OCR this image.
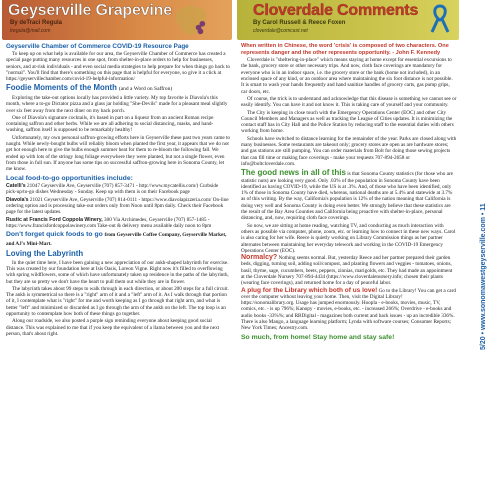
Geyserville Grapevine
By deTraci Regula
tregula@mail.com
Geyserville Chamber of Commerce COVID-19 Resource Page

To keep up on what help is available for our area, the Geyserville Chamber of Commerce has created a special page putting many resources in one spot, from shelter-in-place orders to help for businesses, seniors, and at-risk individuals - and even social media strategies to help prepare for when things go back to "normal". You'll find that there's something on this page that is helpful for everyone, so give it a click at https://geyservillechamber.com/covid-19-helpful-information/

Foodie Moments of the Month (and a Word on Saffron)

Exploring the take-out options locally has provided a little variety. My top favorite is Diavola's this month, where a to-go Dictator pizza and a glass jar holding "She-Devils" made for a pleasant meal slightly over six feet away from the next diner on my back porch.

One of Diavola's signature cocktails, it's based in part on a liqueur from an ancient Roman recipe containing saffron and other herbs. While we are all adhering to social distancing, masks, and hand-washing, saffron itself is supposed to be remarkably healthy!

Unfortunately, my own personal saffron-growing efforts here in Geyserville these past two years came to naught. While newly-bought bulbs will reliably bloom when planted the first year, it appears that we do not get hot enough here to give the bulbs enough summer heat for them to re-bloom the following fall. We ended up with lots of the stringy long foliage everywhere they were planted, but not a single flower, even from those in full sun. If anyone has some tips on successful saffron-growing here in Sonoma County, let me know.

Local food-to-go opportunities include:

Catelli's 21047 Geyserville Ave, Geyserville (707) 857-3471 - http://www.mycatellis.com/) Curbside pick-up/to-go dishes Wednesday - Sunday. Keep up with them is on their Facebook page

Diavola's 21021 Geyserville Ave, Geyserville (707) 814-0111 - https://www.diavolapizzeria.com/ On-line ordering option and is processing take-out orders only from Noon until 8pm daily. Check their Facebook page for the latest updates.

Rustic at Francis Ford Coppola Winery, 300 Via Archimedes, Geyserville (707) 857-1485 - https://www.francisfordcoppolawinery.com Take-out & delivery menu available daily noon to 8pm

Don't forget quick foods to go from Geyserville Coffee Company, Geyserville Market, and AJ's Mini-Mart.
Loving the Labyrinth

In the quiet time here, I have been gaining a new appreciation of our ankh-shaped labyrinth for exercise. This was created by our foundation here at Isis Oasis, Loreon Vigne. Right now it's filled to overflowing with spring wildflowers, some of which have unfortunately taken up residence in the paths of the labyrinth, but they are so pretty we don't have the heart to pull them out while they are in flower.

The labyrinth takes about 99 steps to walk through in each direction, or about 200 steps for a full circuit. The ankh is symmetrical so there is a "right" arm of it and a "left" arm of it. As I walk through that portion of it, I contemplate what is "right" for me and worth keeping as I go through that right arm, and what is better "left" and minimized or discarded as I go through the arm of the ankh on the left. The top loop is an opportunity to contemplate how both of these things go together.

Along our roadside, we also posted a purple sign reminding everyone about keeping good social distance. This was explained to me that if you keep the equivalent of a llama between you and the next person, that's about right.

Cloverdale Comments
By Carol Russell & Reece Foxen
cloverdale@comcast.net
When written in Chinese, the word 'crisis' is composed of two characters. One represents danger and the other represents opportunity. - John F. Kennedy

Cloverdale is "sheltering-in-place" which means staying at home except for essential excursions to the bank, grocery store or other necessary trips. And now, cloth face coverings are mandatory for everyone who is in an indoor space, i.e. the grocery store or the bank (home not included), in an enclosed space of any kind, or an outdoor area where maintaining the six foot distance is not possible. It is smart to wash your hands frequently and hand sanitize handles of grocery carts, gas pump grips, car doors, etc.

Of course, the trick is to understand and acknowledge that this disease is something we cannot see or easily identify. You can have it and not know it. This is taking care of yourself and your community.

The City is keeping in close touch with the Emergency Operations Center (EOC) and other City Council Members and Managers as well as tracking the League of Cities updates. It is minimizing the contact staff has in City Hall and the Police Station by reducing staff to the essential duties with others working from home.

Schools have switched to distance learning for the remainder of the year. Parks are closed along with many businesses. Some restaurants are takeout only; grocery stores are open as are hardware stores; and gas stations are still pumping. You can order materials from Bolt for doing those sewing projects that can fill time or making face coverings - make your requests 707-894-2658 or info@boltcloverdale.com.

The good news in all of this is that Sonoma County statistics (for those who are statistic nuts) are looking very good. Only .03% of the population in Sonoma County have been identified as having COVID-19, while the US is at .3%. And, of those who have been identified, only 1% of those in Sonoma County have died, whereas, national deaths are at 5.4% and statewide at 3.7% as of this writing. By the way, California's population is 12% of the nation meaning that California is doing very well and Sonoma County is doing even better. We strongly believe that these statistics are the result of the Bay Area Counties and California being proactive with shelter-in-place, personal distancing, and, now, requiring cloth face coverings.

So now, we are sitting at home reading, watching TV, and conducting as much interaction with others as possible via computer, phone, zoom, etc. or learning how to connect in these new ways. Carol is also caring for her wife. Reece is quietly working on Library Commission things as her partner alternates between maintaining her everyday telework and working in the COVID-19 Emergency Operations Center (EOC).

Normalcy? Nothing seems normal. But, yesterday Reece and her partner prepared their garden beds, digging, turning soil, adding soil/compost, and planting flowers and veggies - tomatoes, onions, basil, thyme, sage, cucumbers, beets, peppers, zinnias, marigolds, etc. They had made an appointment at the Cloverdale Nursery 707-894-4434 (https://www.cloverdalenursery.info; chosen their plants (wearing face coverings), and returned home for a day of peaceful labor.

A plug for the Library which both of us love! Go to the Library! You can get a card over the computer without leaving your home. Then, visit the Digital Library! https://sonomalibrary.org. Usage has jumped enormously. Hoopla - e-books, movies, music, TV, comics, etc. - is up 796%; Kanopy - movies, e-books, etc. - increased 266%; Overdrive - e-books and audio books -33%%; and RBDigital - magazines both current and back issues - up an incredible 336%. There is also Mango, a language learning platform; Lynda with software courses; Consumer Reports; New York Times; Ancestry.com.

So much, from home! Stay home and stay safe!	5/20 • www.sonomawestgeyserville.com • 11
